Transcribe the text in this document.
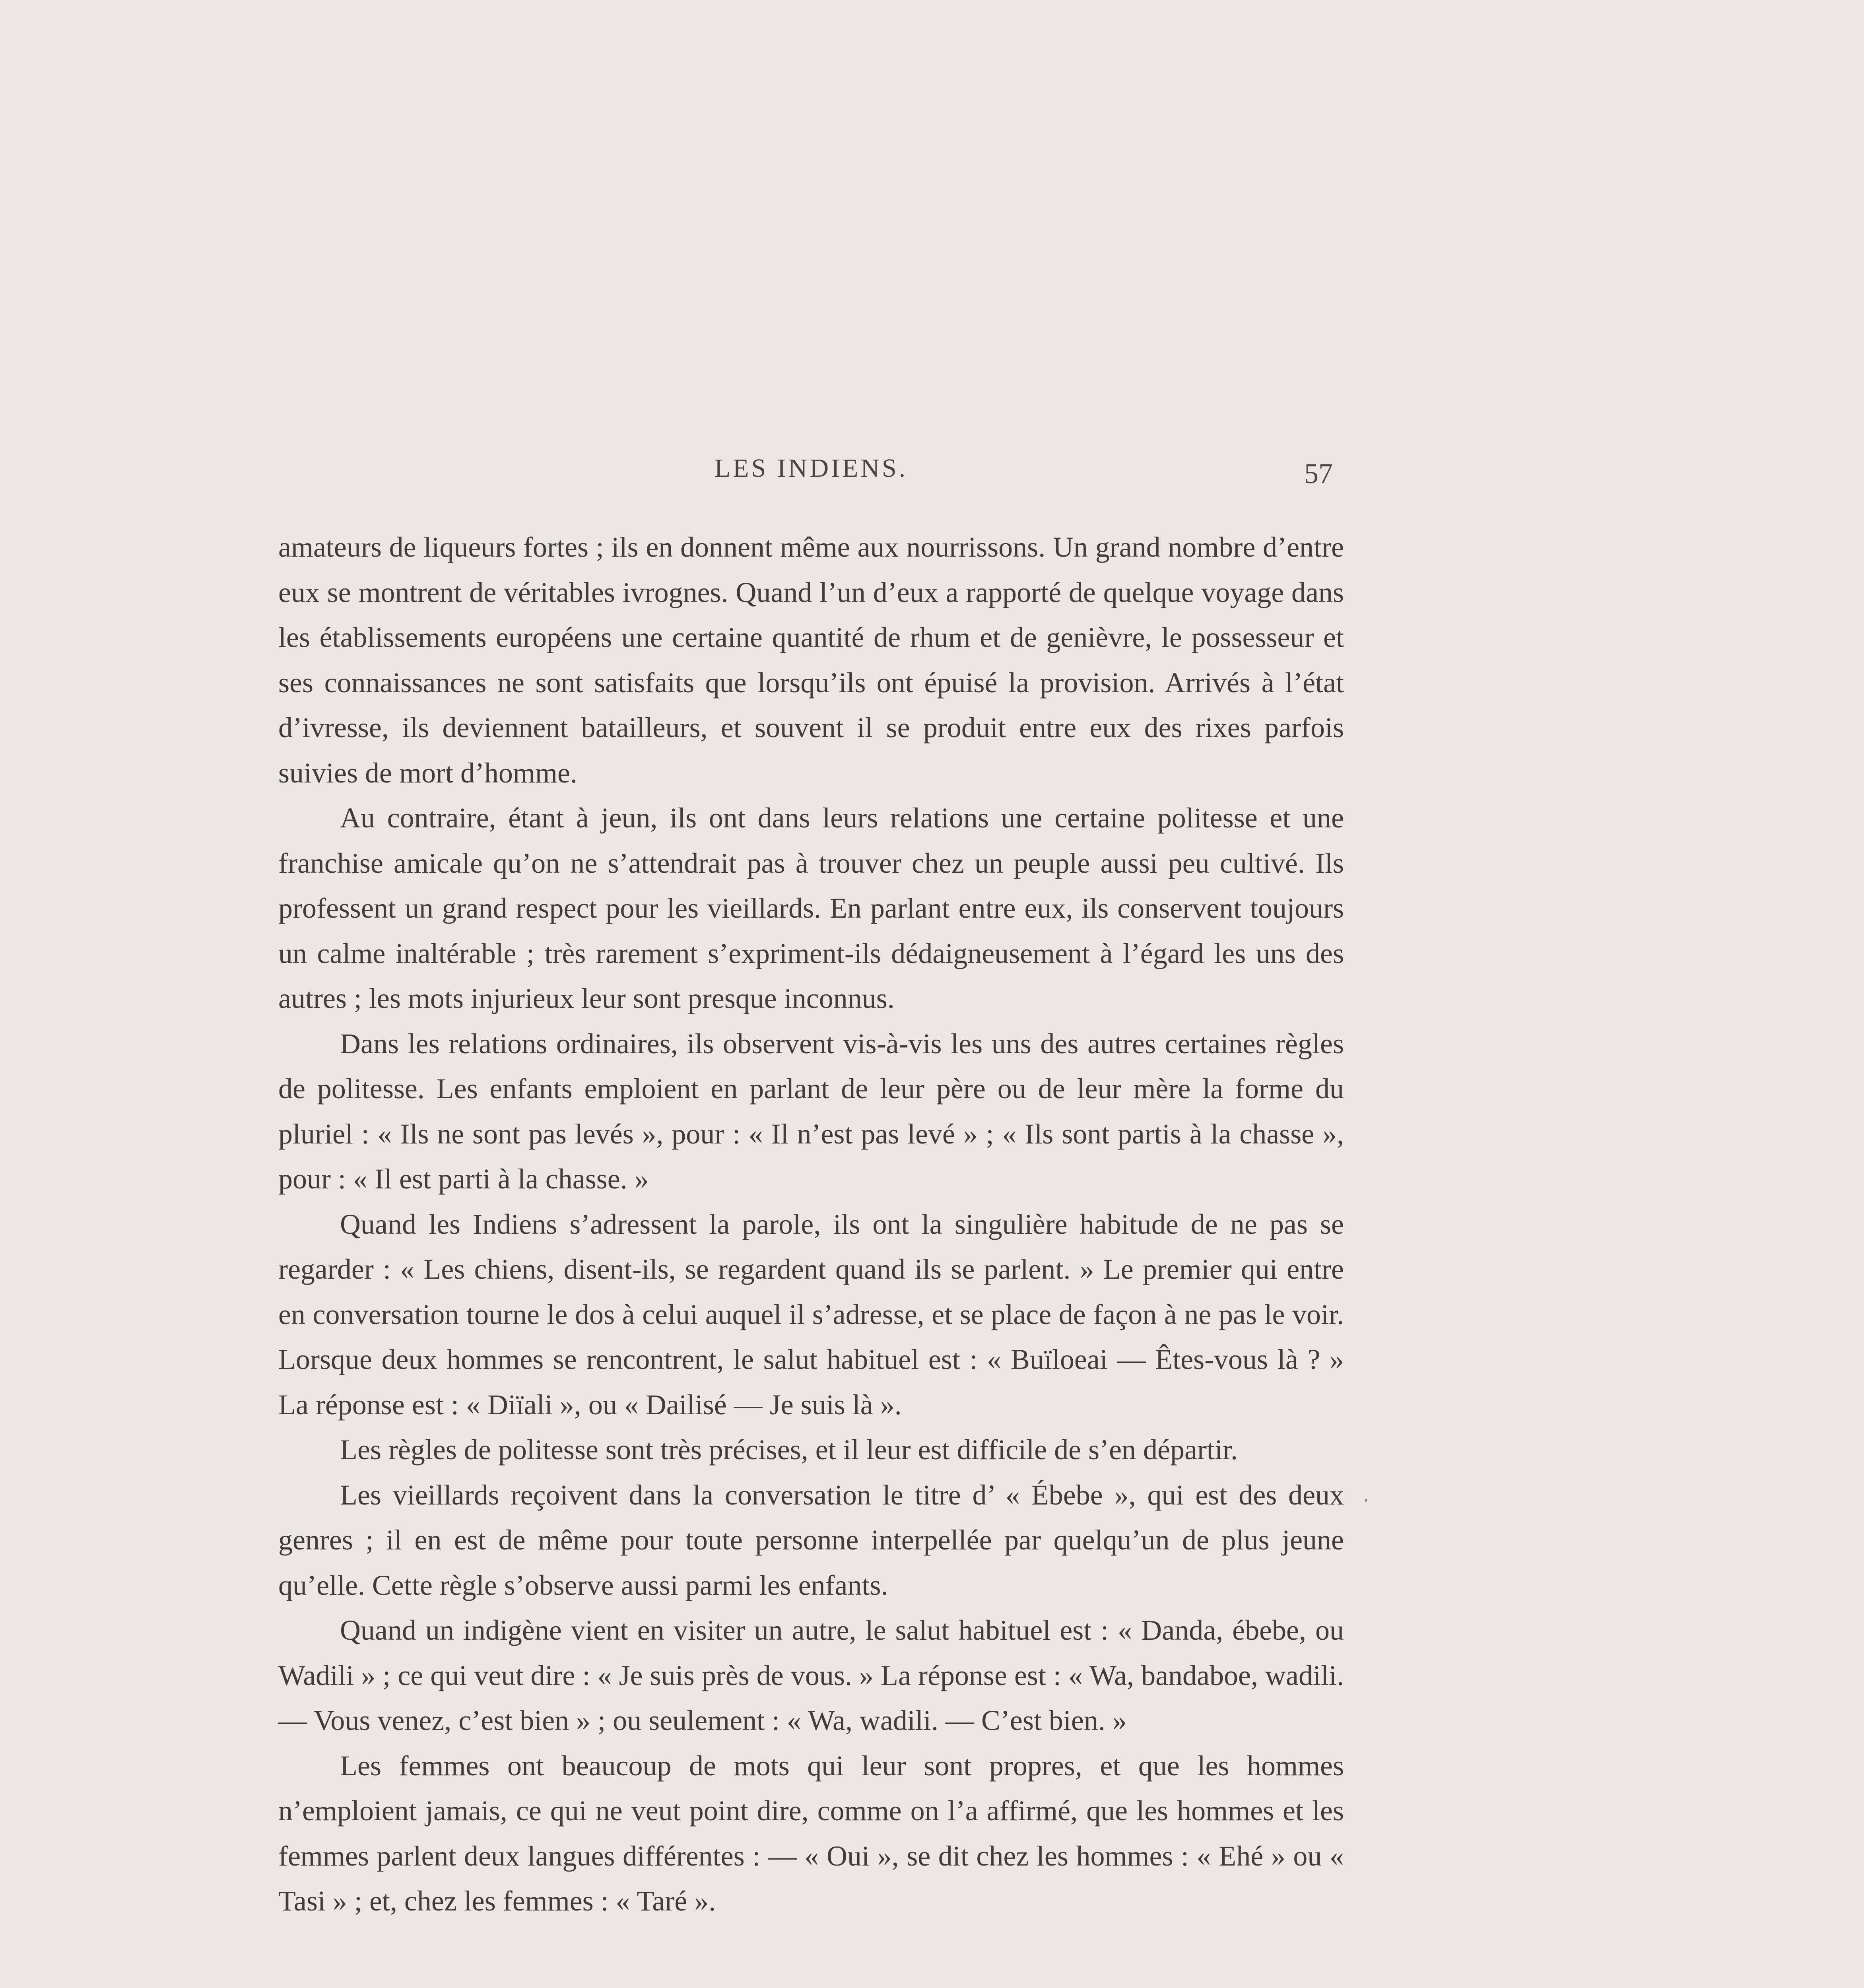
LES INDIENS.	57

amateurs de liqueurs fortes ; ils en donnent même aux nourrissons. Un grand nombre d’entre eux se montrent de véritables ivrognes. Quand l’un d’eux a rapporté de quelque voyage dans les établissements européens une certaine quantité de rhum et de genièvre, le possesseur et ses connaissances ne sont satisfaits que lorsqu’ils ont épuisé la provision. Arrivés à l’état d’ivresse, ils deviennent batailleurs, et souvent il se produit entre eux des rixes parfois suivies de mort d’homme.

Au contraire, étant à jeun, ils ont dans leurs relations une certaine politesse et une franchise amicale qu’on ne s’attendrait pas à trouver chez un peuple aussi peu cultivé. Ils professent un grand respect pour les vieillards. En parlant entre eux, ils conservent toujours un calme inaltérable ; très rarement s’expriment-ils dédaigneusement à l’égard les uns des autres ; les mots injurieux leur sont presque inconnus.

Dans les relations ordinaires, ils observent vis-à-vis les uns des autres certaines règles de politesse. Les enfants emploient en parlant de leur père ou de leur mère la forme du pluriel : « Ils ne sont pas levés », pour : « Il n’est pas levé » ; « Ils sont partis à la chasse », pour : « Il est parti à la chasse. »

Quand les Indiens s’adressent la parole, ils ont la singulière habitude de ne pas se regarder : « Les chiens, disent-ils, se regardent quand ils se parlent. » Le premier qui entre en conversation tourne le dos à celui auquel il s’adresse, et se place de façon à ne pas le voir. Lorsque deux hommes se rencontrent, le salut habituel est : « Buïloeai — Êtes-vous là ? » La réponse est : « Diïali », ou « Dailisé — Je suis là ».

Les règles de politesse sont très précises, et il leur est difficile de s’en départir.

Les vieillards reçoivent dans la conversation le titre d’ « Ébebe », qui est des deux genres ; il en est de même pour toute personne interpellée par quelqu’un de plus jeune qu’elle. Cette règle s’observe aussi parmi les enfants.

Quand un indigène vient en visiter un autre, le salut habituel est : « Danda, ébebe, ou Wadili » ; ce qui veut dire : « Je suis près de vous. » La réponse est : « Wa, bandaboe, wadili. — Vous venez, c’est bien » ; ou seulement : « Wa, wadili. — C’est bien. »

Les femmes ont beaucoup de mots qui leur sont propres, et que les hommes n’emploient jamais, ce qui ne veut point dire, comme on l’a affirmé, que les hommes et les femmes parlent deux langues différentes : — « Oui », se dit chez les hommes : « Ehé » ou « Tasi » ; et, chez les femmes : « Taré ».
